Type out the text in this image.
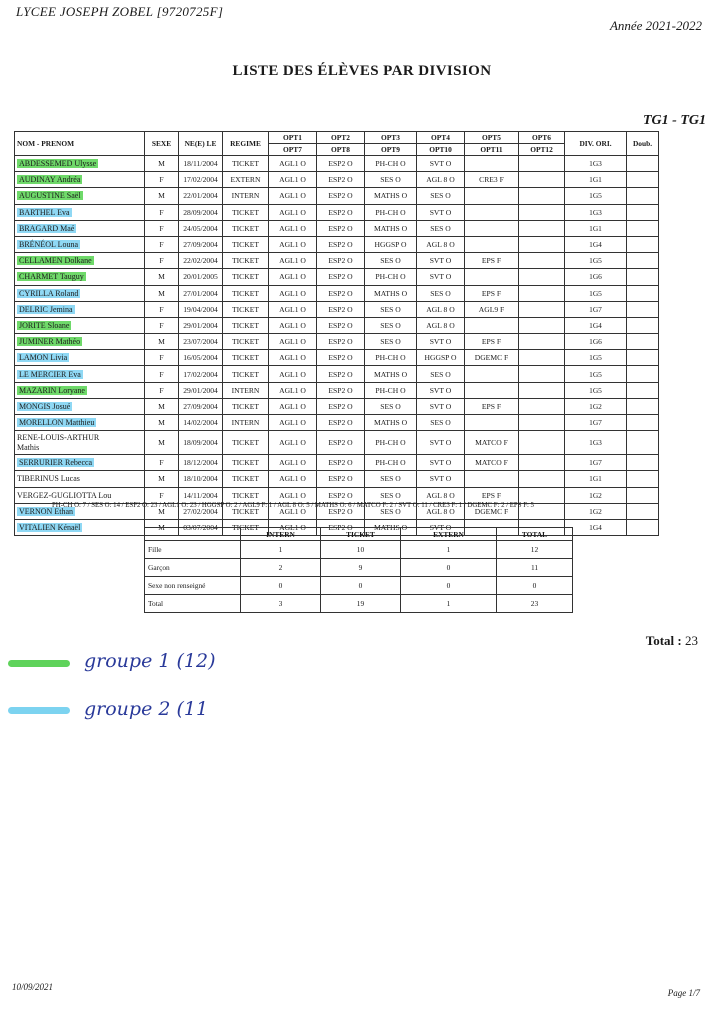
LYCEE JOSEPH ZOBEL [9720725F]
Année 2021-2022
LISTE DES ÉLÈVES PAR DIVISION
TG1 - TG1
NOM - PRENOM	SEXE	NE(E) LE	REGIME	OPT1	OPT2	OPT3	OPT4	OPT5	OPT6	DIV. ORI.	Doub.
				OPT7	OPT8	OPT9	OPT10	OPT11	OPT12		
ABDESSEMED Ulysse	M	18/11/2004	TICKET	AGL1 O	ESP2 O	PH-CH O	SVT O			1G3	
AUDINAY Andréa	F	17/02/2004	EXTERN	AGL1 O	ESP2 O	SES O	AGL 8 O	CRE3 F		1G1	
AUGUSTINE Saël	M	22/01/2004	INTERN	AGL1 O	ESP2 O	MATHS O	SES O			1G5	
BARTHEL Eva	F	28/09/2004	TICKET	AGL1 O	ESP2 O	PH-CH O	SVT O			1G3	
BRAGARD Maé	F	24/05/2004	TICKET	AGL1 O	ESP2 O	MATHS O	SES O			1G1	
BRÉNÉOL Louna	F	27/09/2004	TICKET	AGL1 O	ESP2 O	HGGSP O	AGL 8 O			1G4	
CELLAMEN Dolkane	F	22/02/2004	TICKET	AGL1 O	ESP2 O	SES O	SVT O	EPS F		1G5	
CHARMET Tauguy	M	20/01/2005	TICKET	AGL1 O	ESP2 O	PH-CH O	SVT O			1G6	
CYRILLA Roland	M	27/01/2004	TICKET	AGL1 O	ESP2 O	MATHS O	SES O	EPS F		1G5	
DELRIC Jemina	F	19/04/2004	TICKET	AGL1 O	ESP2 O	SES O	AGL 8 O	AGL9 F		1G7	
JORITE Sloane	F	29/01/2004	TICKET	AGL1 O	ESP2 O	SES O	AGL 8 O			1G4	
JUMINER Mathéo	M	23/07/2004	TICKET	AGL1 O	ESP2 O	SES O	SVT O	EPS F		1G6	
LAMON Livia	F	16/05/2004	TICKET	AGL1 O	ESP2 O	PH-CH O	HGGSP O	DGEMC F		1G5	
LE MERCIER Eva	F	17/02/2004	TICKET	AGL1 O	ESP2 O	MATHS O	SES O			1G5	
MAZARIN Loryane	F	29/01/2004	INTERN	AGL1 O	ESP2 O	PH-CH O	SVT O			1G5	
MONGIS Josué	M	27/09/2004	TICKET	AGL1 O	ESP2 O	SES O	SVT O	EPS F		1G2	
MORELLON Matthieu	M	14/02/2004	INTERN	AGL1 O	ESP2 O	MATHS O	SES O			1G7	
RENE-LOUIS-ARTHUR
Mathis	M	18/09/2004	TICKET	AGL1 O	ESP2 O	PH-CH O	SVT O	MATCO F		1G3	
SERRURIER Rebecca	F	18/12/2004	TICKET	AGL1 O	ESP2 O	PH-CH O	SVT O	MATCO F		1G7	
TIBERINUS Lucas	M	18/10/2004	TICKET	AGL1 O	ESP2 O	SES O	SVT O			1G1	
VERGEZ-GUGLIOTTA Lou	F	14/11/2004	TICKET	AGL1 O	ESP2 O	SES O	AGL 8 O	EPS F		1G2	
VERNON Ethan	M	27/02/2004	TICKET	AGL1 O	ESP2 O	SES O	AGL 8 O	DGEMC F		1G2	
VITALIEN Kénaël	M	03/07/2004	TICKET	AGL1 O	ESP2 O	MATHS O	SVT O			1G4	
PH-CH O: 7 / SES O: 14 / ESP2 O: 23 / AGL1 O: 23 / HGGSP O: 2 / AGL9 F: 1 / AGL 8 O: 5 / MATHS O: 6 / MATCO F: 2 / SVT O: 11 / CRE3 F: 1 / DGEMC F: 2 / EPS F: 5
	INTERN	TICKET	EXTERN	TOTAL
Fille	1	10	1	12
Garçon	2	9	0	11
Sexe non renseigné	0	0	0	0
Total	3	19	1	23
Total : 23
groupe 1 (12)
groupe 2 (11
10/09/2021
Page 1/7
